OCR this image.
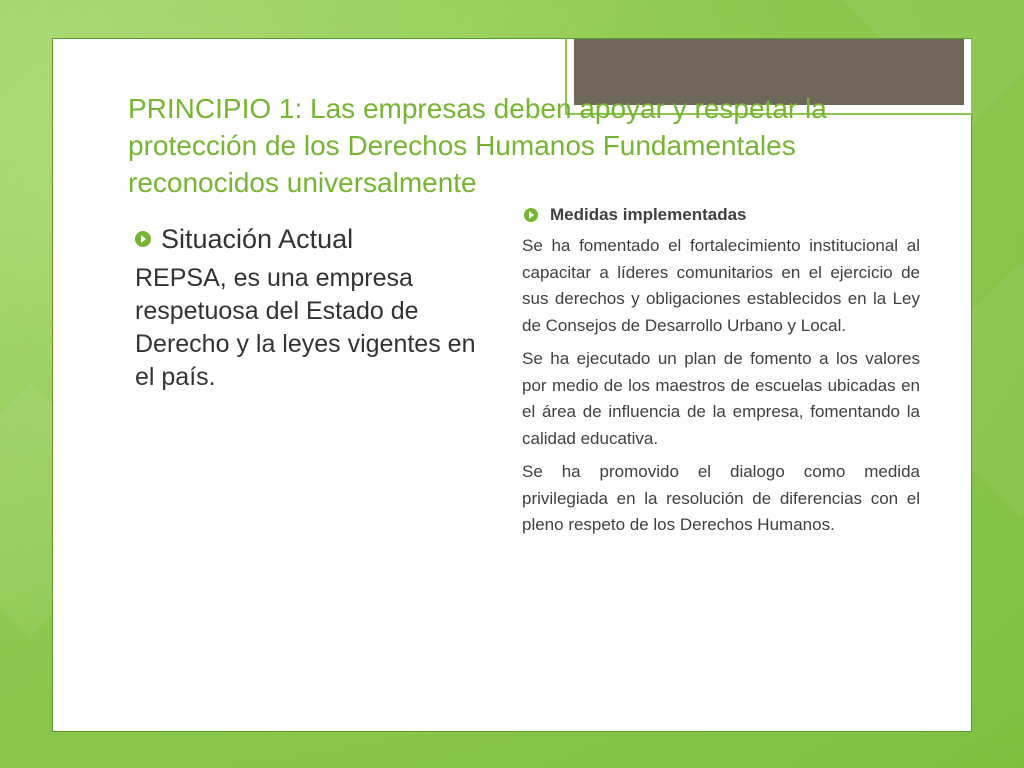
PRINCIPIO 1: Las empresas deben apoyar y respetar la protección de los Derechos Humanos Fundamentales reconocidos universalmente
Situación Actual

REPSA, es una empresa respetuosa del Estado de Derecho y la leyes vigentes en el país.

Medidas implementadas

Se ha fomentado el fortalecimiento institucional al capacitar a líderes comunitarios en el ejercicio de sus derechos y obligaciones establecidos en la Ley de Consejos de Desarrollo Urbano y Local.

Se ha ejecutado un plan de fomento a los valores por medio de los maestros de escuelas ubicadas en el área de influencia de la empresa, fomentando la calidad educativa.

Se ha promovido el dialogo como medida privilegiada en la resolución de diferencias con el pleno respeto de los Derechos Humanos.
